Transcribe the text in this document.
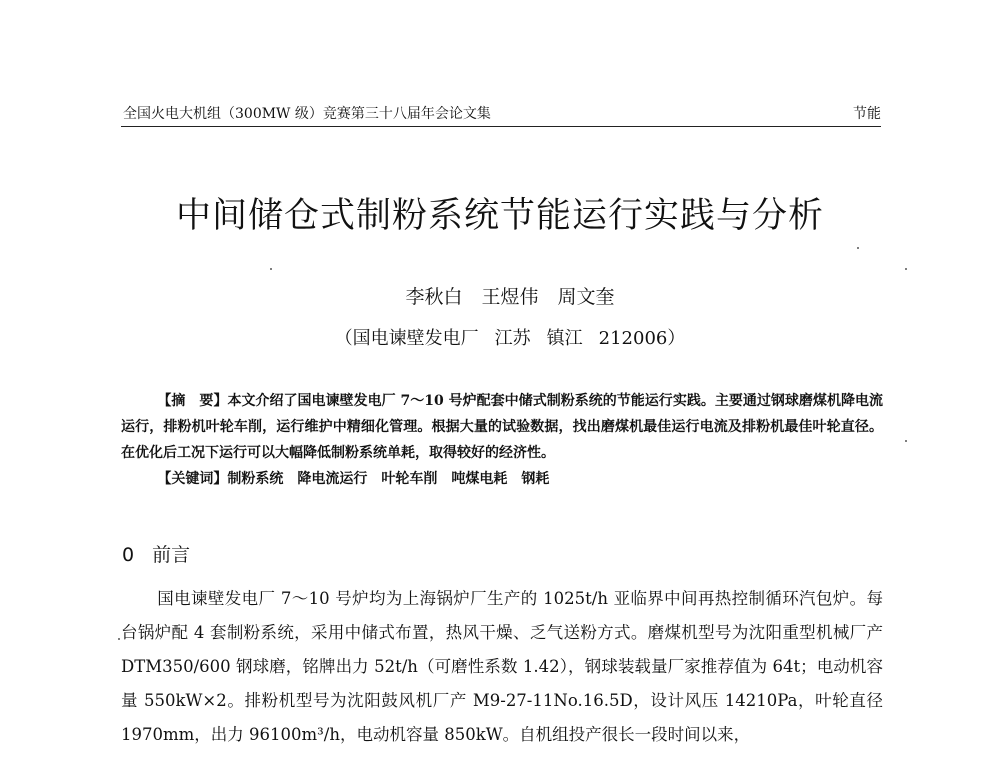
全国火电大机组（300MW 级）竞赛第三十八届年会论文集	节能
中间储仓式制粉系统节能运行实践与分析
李秋白　王煜伟　周文奎
（国电谏壁发电厂 江苏 镇江 212006）

【摘　要】本文介绍了国电谏壁发电厂 7～10 号炉配套中储式制粉系统的节能运行实践。主要通过钢球磨煤机降电流运行，排粉机叶轮车削，运行维护中精细化管理。根据大量的试验数据，找出磨煤机最佳运行电流及排粉机最佳叶轮直径。在优化后工况下运行可以大幅降低制粉系统单耗，取得较好的经济性。

【关键词】制粉系统 降电流运行 叶轮车削 吨煤电耗 钢耗

0 前言

国电谏壁发电厂 7～10 号炉均为上海锅炉厂生产的 1025t/h 亚临界中间再热控制循环汽包炉。每台锅炉配 4 套制粉系统，采用中储式布置，热风干燥、乏气送粉方式。磨煤机型号为沈阳重型机械厂产 DTM350/600 钢球磨，铭牌出力 52t/h（可磨性系数 1.42），钢球装载量厂家推荐值为 64t；电动机容量 550kW×2。排粉机型号为沈阳鼓风机厂产 M9-27-11No.16.5D，设计风压 14210Pa，叶轮直径 1970mm，出力 96100m³/h，电动机容量 850kW。自机组投产很长一段时间以来，
